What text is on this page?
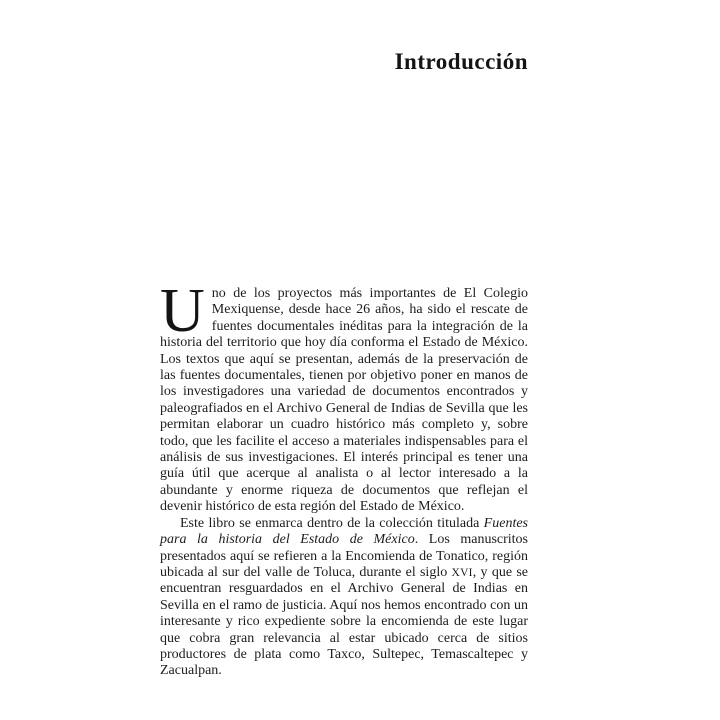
Introducción

Uno de los proyectos más importantes de El Colegio Mexiquense, desde hace 26 años, ha sido el rescate de fuentes documentales inéditas para la integración de la historia del territorio que hoy día conforma el Estado de México. Los textos que aquí se presentan, además de la preservación de las fuentes documentales, tienen por objetivo poner en manos de los investigadores una variedad de documentos encontrados y paleografiados en el Archivo General de Indias de Sevilla que les permitan elaborar un cuadro histórico más completo y, sobre todo, que les facilite el acceso a materiales indispensables para el análisis de sus investigaciones. El interés principal es tener una guía útil que acerque al analista o al lector interesado a la abundante y enorme riqueza de documentos que reflejan el devenir histórico de esta región del Estado de México.

Este libro se enmarca dentro de la colección titulada Fuentes para la historia del Estado de México. Los manuscritos presentados aquí se refieren a la Encomienda de Tonatico, región ubicada al sur del valle de Toluca, durante el siglo XVI, y que se encuentran resguardados en el Archivo General de Indias en Sevilla en el ramo de justicia. Aquí nos hemos encontrado con un interesante y rico expediente sobre la encomienda de este lugar que cobra gran relevancia al estar ubicado cerca de sitios productores de plata como Taxco, Sultepec, Temascaltepec y Zacualpan.
